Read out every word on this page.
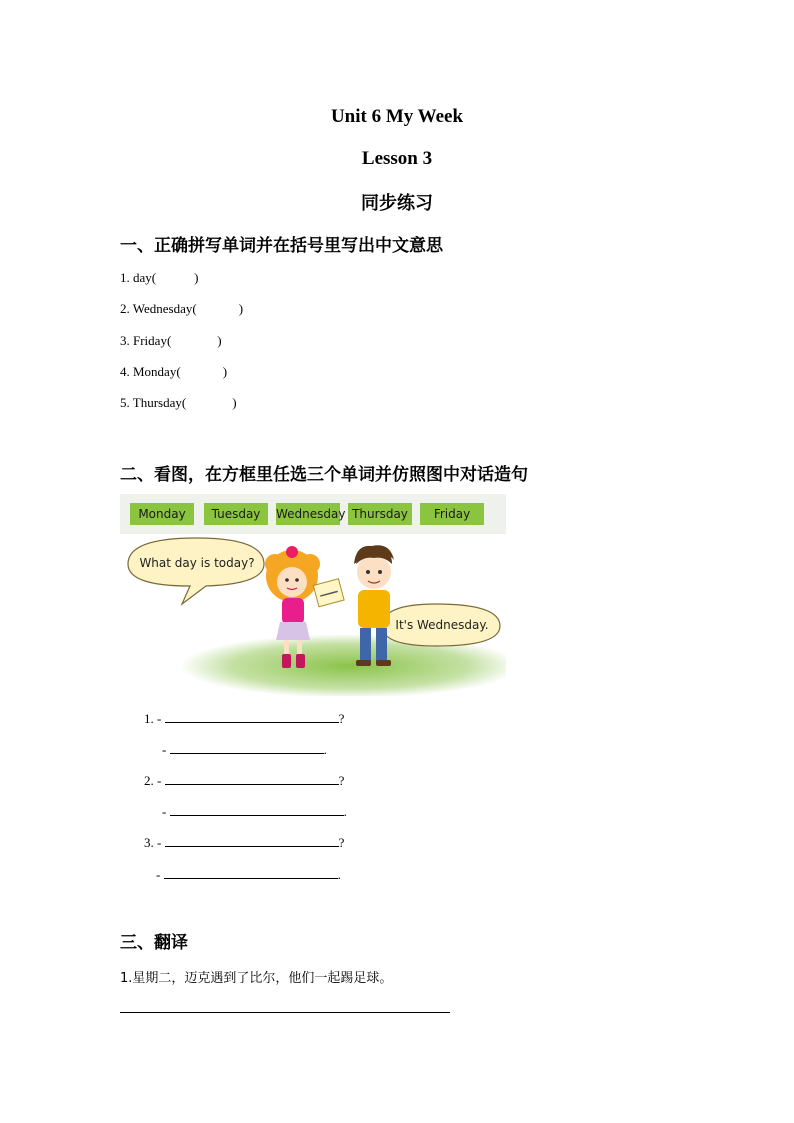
Unit 6 My Week
Lesson 3
同步练习
一、正确拼写单词并在括号里写出中文意思
1. day(	)
2. Wednesday(	)
3. Friday(	)
4. Monday(	)
5. Thursday(	)
二、看图，在方框里任选三个单词并仿照图中对话造句
Monday	Tuesday	Wednesday Thursday	Friday
What day is today?
It's Wednesday.
1. -	?
-	.
2. -	?
-	.
3. -	?
-	.
三、翻译
1.星期二，迈克遇到了比尔，他们一起踢足球。
